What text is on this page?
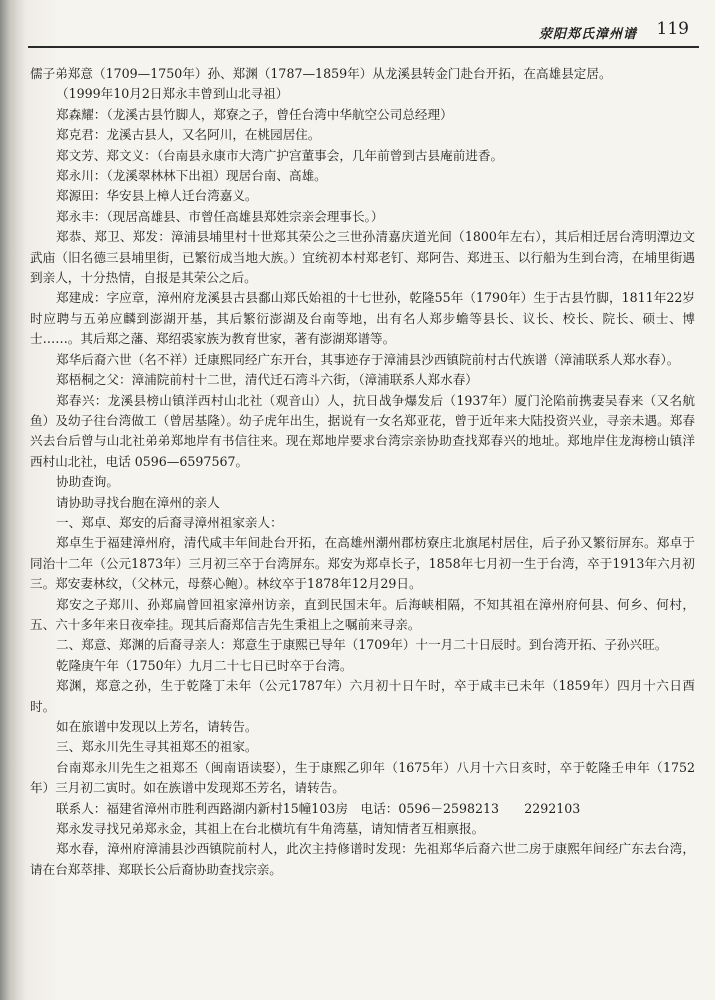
荥阳郑氏漳州谱 119

儒子弟郑意（1709—1750年）孙、郑渊（1787—1859年）从龙溪县转金门赴台开拓，在高雄县定居。

（1999年10月2日郑永丰曾到山北寻祖）

郑森耀：（龙溪古县竹脚人，郑寮之子，曾任台湾中华航空公司总经理）

郑克君：龙溪古县人，又名阿川，在桃园居住。

郑文芳、郑文义：（台南县永康市大湾广护宫董事会，几年前曾到古县庵前进香。

郑永川：（龙溪翠林林下出祖）现居台南、高雄。

郑源田：华安县上樟人迁台湾嘉义。

郑永丰：（现居高雄县、市曾任高雄县郑姓宗亲会理事长。）

郑恭、郑卫、郑发：漳浦县埔里村十世郑其荣公之三世孙清嘉庆道光间（1800年左右），其后相迁居台湾明潭边文武庙（旧名德三县埔里街，已繁衍成当地大族。）宜统初本村郑老钉、郑阿告、郑进玉、以行船为生到台湾，在埔里街遇到亲人，十分热情，自报是其荣公之后。

郑建成：字应章，漳州府龙溪县古县鄱山郑氏始祖的十七世孙，乾隆55年（1790年）生于古县竹脚，1811年22岁时应聘与五弟应麟到澎湖开基，其后繁衍澎湖及台南等地，出有名人郑步蟾等县长、议长、校长、院长、硕士、博士……。其后郑之藩、郑绍裘家族为教育世家，著有澎湖郑谱等。

郑华后裔六世（名不祥）迁康熙同经广东开台，其事迹存于漳浦县沙西镇院前村古代族谱（漳浦联系人郑水春）。

郑梧桐之父：漳浦院前村十二世，清代迁石湾斗六街，（漳浦联系人郑水春）

郑春兴：龙溪县榜山镇洋西村山北社（观音山）人，抗日战争爆发后（1937年）厦门沦陷前携妻吴春来（又名航鱼）及幼子往台湾做工（曾居基隆）。幼子虎年出生，据说有一女名郑亚花，曾于近年来大陆投资兴业，寻亲未遇。郑春兴去台后曾与山北社弟弟郑地岸有书信往来。现在郑地岸要求台湾宗亲协助查找郑春兴的地址。郑地岸住龙海榜山镇洋西村山北社，电话 0596—6597567。

协助查询。

请协助寻找台胞在漳州的亲人

一、郑卓、郑安的后裔寻漳州祖家亲人：

郑卓生于福建漳州府，清代咸丰年间赴台开拓，在高雄州潮州郡枋寮庄北旗尾村居住，后子孙又繁衍屏东。郑卓于同治十二年（公元1873年）三月初三卒于台湾屏东。郑安为郑卓长子，1858年七月初一生于台湾，卒于1913年六月初三。郑安妻林纹，（父林元，母蔡心鲍）。林纹卒于1878年12月29日。

郑安之子郑川、孙郑扁曾回祖家漳州访亲，直到民国末年。后海峡相隔，不知其祖在漳州府何县、何乡、何村，五、六十多年来日夜牵挂。现其后裔郑信吉先生秉祖上之嘱前来寻亲。

二、郑意、郑渊的后裔寻亲人：郑意生于康熙已导年（1709年）十一月二十日辰时。到台湾开拓、子孙兴旺。

乾隆庚午年（1750年）九月二十七日已时卒于台湾。

郑渊，郑意之孙，生于乾隆丁未年（公元1787年）六月初十日午时，卒于咸丰已未年（1859年）四月十六日酉时。

如在旅谱中发现以上芳名，请转告。

三、郑永川先生寻其祖郑丕的祖家。

台南郑永川先生之祖郑丕（闽南语读娶），生于康熙乙卯年（1675年）八月十六日亥时，卒于乾隆壬申年（1752年）三月初二寅时。如在族谱中发现郑丕芳名，请转告。

联系人：福建省漳州市胜利西路湖内新村15幢103房　电话：0596－2598213　　2292103

郑永发寻找兄弟郑永金，其祖上在台北横坑有牛角湾墓，请知情者互相禀报。

郑水春，漳州府漳浦县沙西镇院前村人，此次主持修谱时发现：先祖郑华后裔六世二房于康熙年间经广东去台湾，请在台郑萃排、郑联长公后裔协助查找宗亲。
